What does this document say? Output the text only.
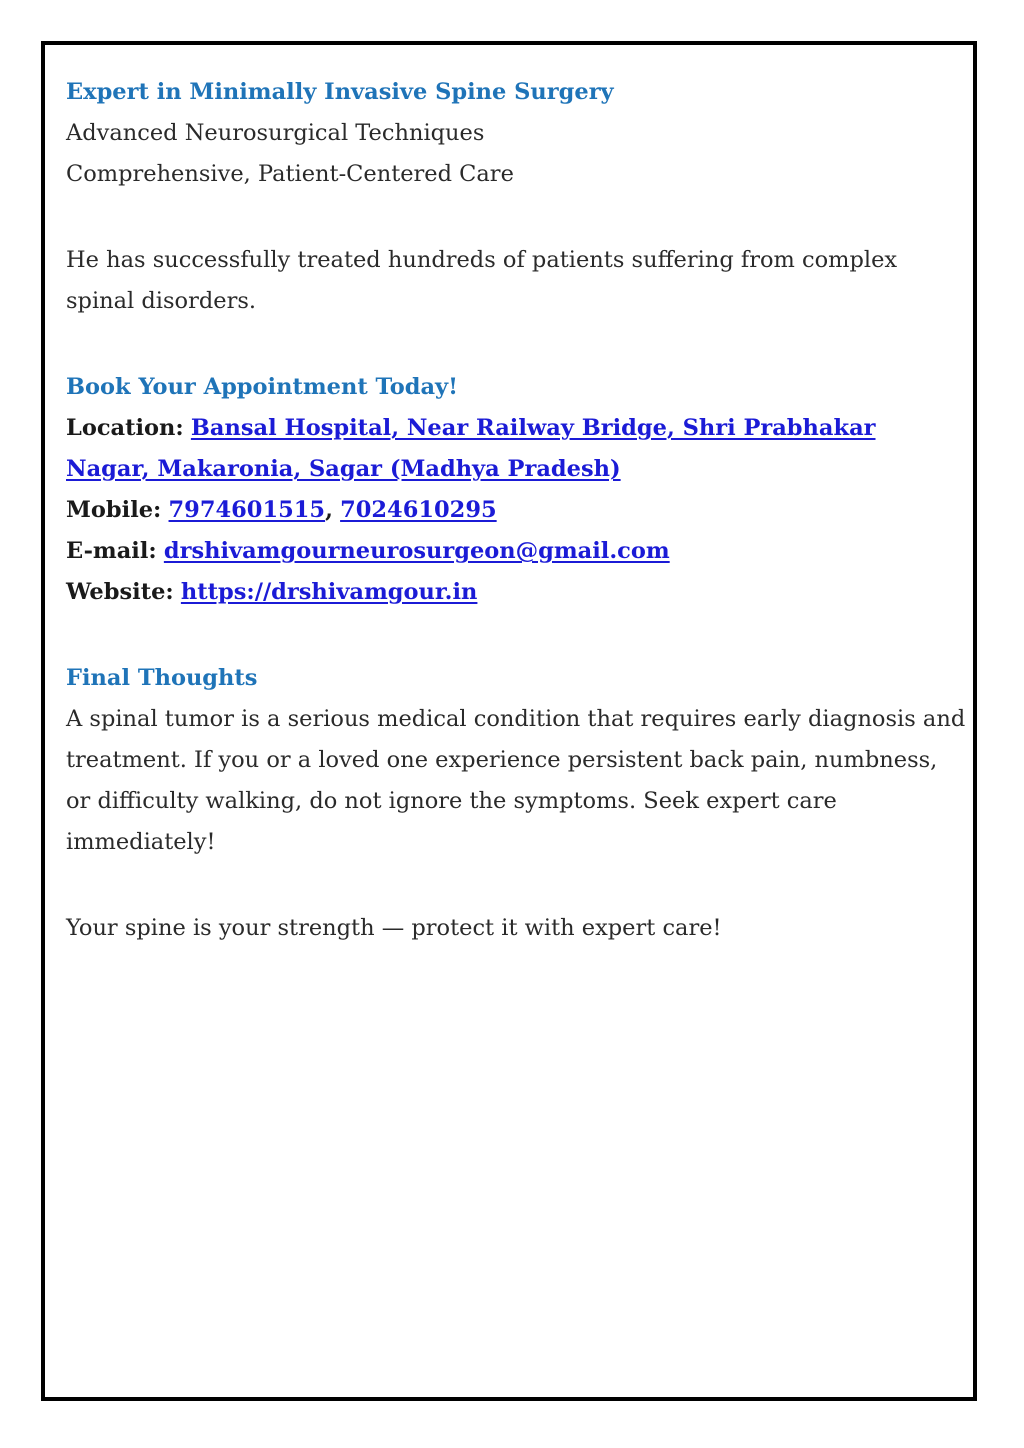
Expert in Minimally Invasive Spine Surgery

Advanced Neurosurgical Techniques

Comprehensive, Patient-Centered Care

He has successfully treated hundreds of patients suffering from complex spinal disorders.

Book Your Appointment Today!

Location: Bansal Hospital, Near Railway Bridge, Shri Prabhakar Nagar, Makaronia, Sagar (Madhya Pradesh)

Mobile: 7974601515, 7024610295

E-mail: drshivamgourneurosurgeon@gmail.com

Website: https://drshivamgour.in

Final Thoughts

A spinal tumor is a serious medical condition that requires early diagnosis and treatment. If you or a loved one experience persistent back pain, numbness, or difficulty walking, do not ignore the symptoms. Seek expert care immediately!

Your spine is your strength — protect it with expert care!
